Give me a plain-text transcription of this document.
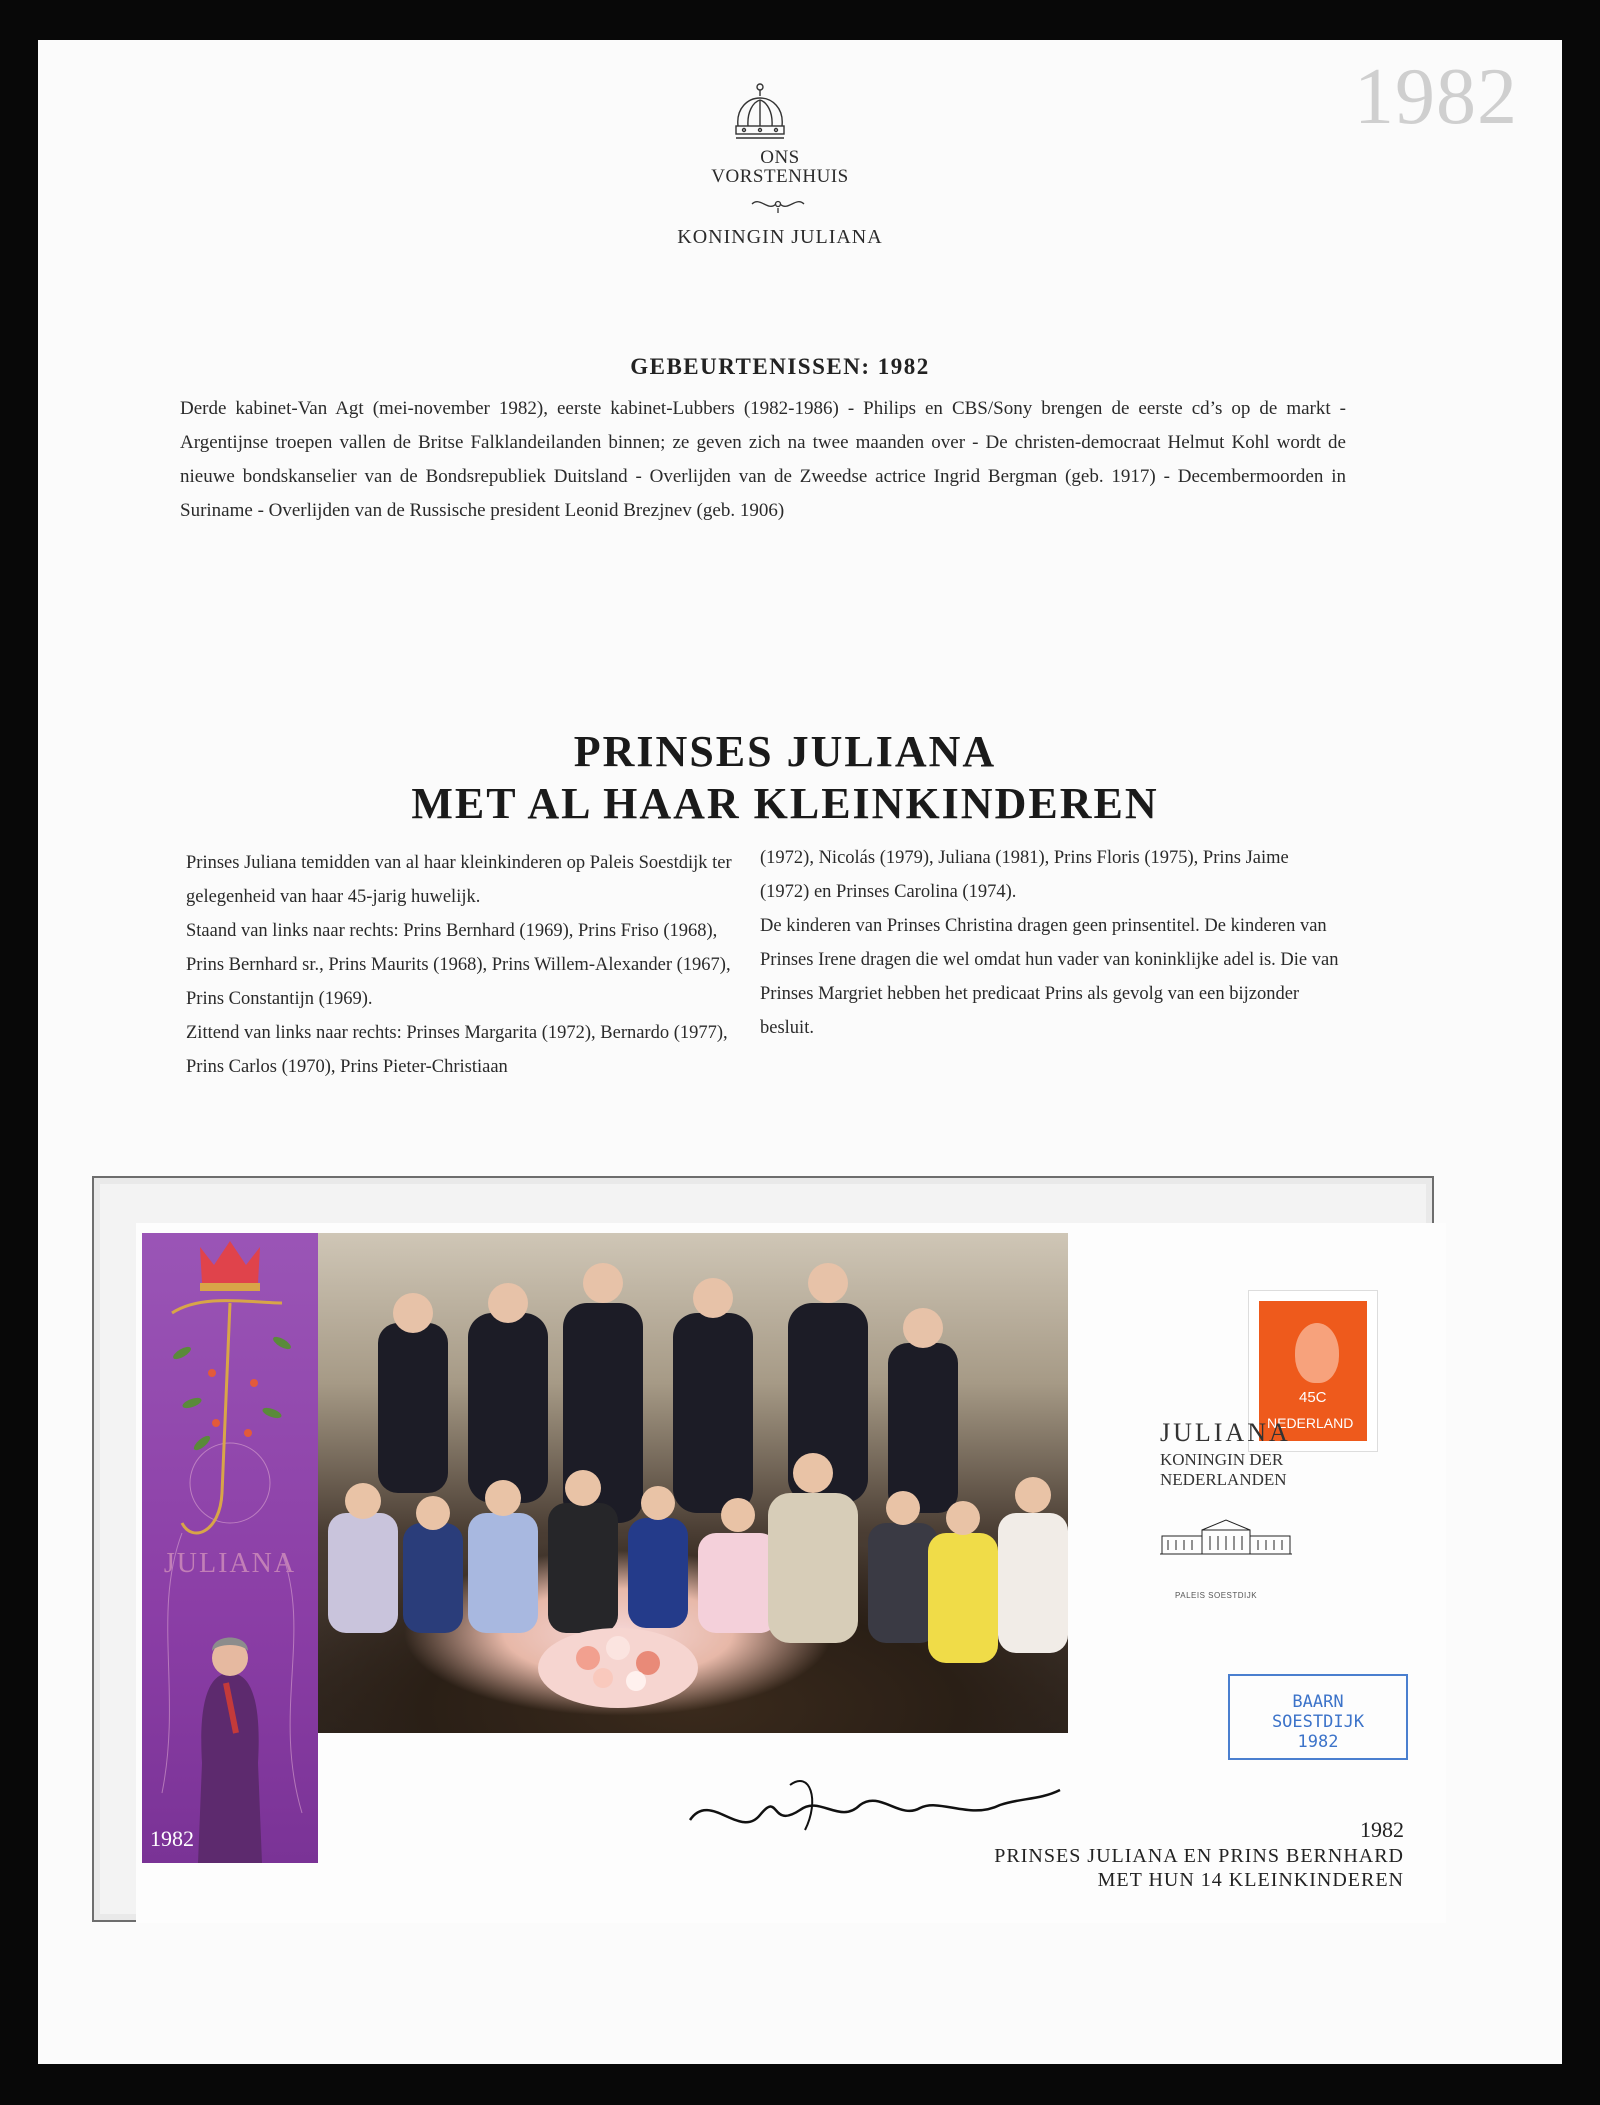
1982

ONS
VORSTENHUIS
KONINGIN JULIANA
GEBEURTENISSEN: 1982

Derde kabinet-Van Agt (mei-november 1982), eerste kabinet-Lubbers (1982-1986) - Philips en CBS/Sony brengen de eerste cd’s op de markt - Argentijnse troepen vallen de Britse Falklandeilanden binnen; ze geven zich na twee maanden over - De christen-democraat Helmut Kohl wordt de nieuwe bondskanselier van de Bondsrepubliek Duitsland - Overlijden van de Zweedse actrice Ingrid Bergman (geb. 1917) - Decembermoorden in Suriname - Overlijden van de Russische president Leonid Brezjnev (geb. 1906)

PRINSES JULIANA
MET AL HAAR KLEINKINDEREN

Prinses Juliana temidden van al haar kleinkinderen op Paleis Soestdijk ter gelegenheid van haar 45-jarig huwelijk.

Staand van links naar rechts: Prins Bernhard (1969), Prins Friso (1968), Prins Bernhard sr., Prins Maurits (1968), Prins Willem-Alexander (1967), Prins Constantijn (1969).

Zittend van links naar rechts: Prinses Margarita (1972), Bernardo (1977), Prins Carlos (1970), Prins Pieter-Christiaan

(1972), Nicolás (1979), Juliana (1981), Prins Floris (1975), Prins Jaime (1972) en Prinses Carolina (1974).

De kinderen van Prinses Christina dragen geen prinsentitel. De kinderen van Prinses Irene dragen die wel omdat hun vader van koninklijke adel is. Die van Prinses Margriet hebben het predicaat Prins als gevolg van een bijzonder besluit.

JULIANA

1982

45C

NEDERLAND

JULIANA

KONINGIN DER
NEDERLANDEN

PALEIS SOESTDIJK

BAARN
SOESTDIJK
1982

1982

PRINSES JULIANA EN PRINS BERNHARD
MET HUN 14 KLEINKINDEREN
